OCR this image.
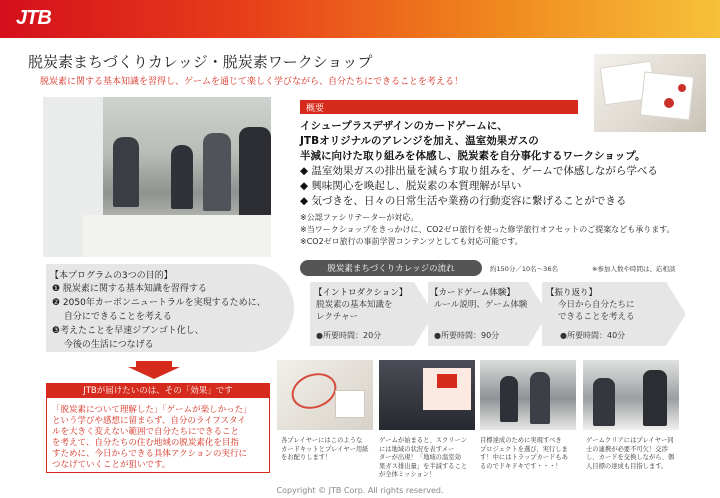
JTB
脱炭素まちづくりカレッジ・脱炭素ワークショップ
脱炭素に関する基本知識を習得し、ゲームを通じて楽しく学びながら、自分たちにできることを考える！
概要
イシュープラスデザインのカードゲームに、
JTBオリジナルのアレンジを加え、温室効果ガスの
半減に向けた取り組みを体感し、脱炭素を自分事化するワークショップ。
◆ 温室効果ガスの排出量を減らす取り組みを、ゲームで体感しながら学べる
◆ 興味関心を喚起し、脱炭素の本質理解が早い
◆ 気づきを、日々の日常生活や業務の行動変容に繋げることができる
※公認ファシリテーターが対応。
※当ワークショップをきっかけに、CO2ゼロ旅行を使った修学旅行オフセットのご提案なども承ります。
※CO2ゼロ旅行の事前学習コンテンツとしても対応可能です。
【本プログラムの3つの目的】
❶ 脱炭素に関する基本知識を習得する
❷ 2050年カーボンニュートラルを実現するために、
　 自分にできることを考える
❸考えたことを早速ジブンゴト化し、
　 今後の生活につなげる
脱炭素まちづくりカレッジの流れ	約150分／10名～36名	※参加人数や時間は、応相談
【イントロダクション】
脱炭素の基本知識を
レクチャー
●所要時間：20分
【カードゲーム体験】
ルール説明、ゲーム体験
●所要時間：90分
【振り返り】
今日から自分たちに
できることを考える
●所要時間：40分
JTBが届けたいのは、その「効果」です
「脱炭素について理解した」「ゲームが楽しかった」
という学びや感想に留まらず、自分のライフスタイ
ルを大きく変えない範囲で自分たちにできること
を考えて、自分たちの住む地域の脱炭素化を目指
すために、今日からできる具体アクションの実行に
つなげていくことが狙いです。
各プレイヤーにはこのような
カードキットとプレイヤー用紙
をお配りします！
ゲームが始まると、スクリーン
には地域の状況を表すメー
ターが出現！「地域の温室効
果ガス排出量」を半減すること
が全体ミッション！
目標達成のために実現すべき
プロジェクトを選び、実行しま
す！中にはトラップカードもあ
るのでドキドキです・・・！
ゲームクリアにはプレイヤー同
士の連携が必要不可欠！交渉
し、カードを交換しながら、個
人目標の達成も目指します。
Copyright © JTB Corp. All rights reserved.
